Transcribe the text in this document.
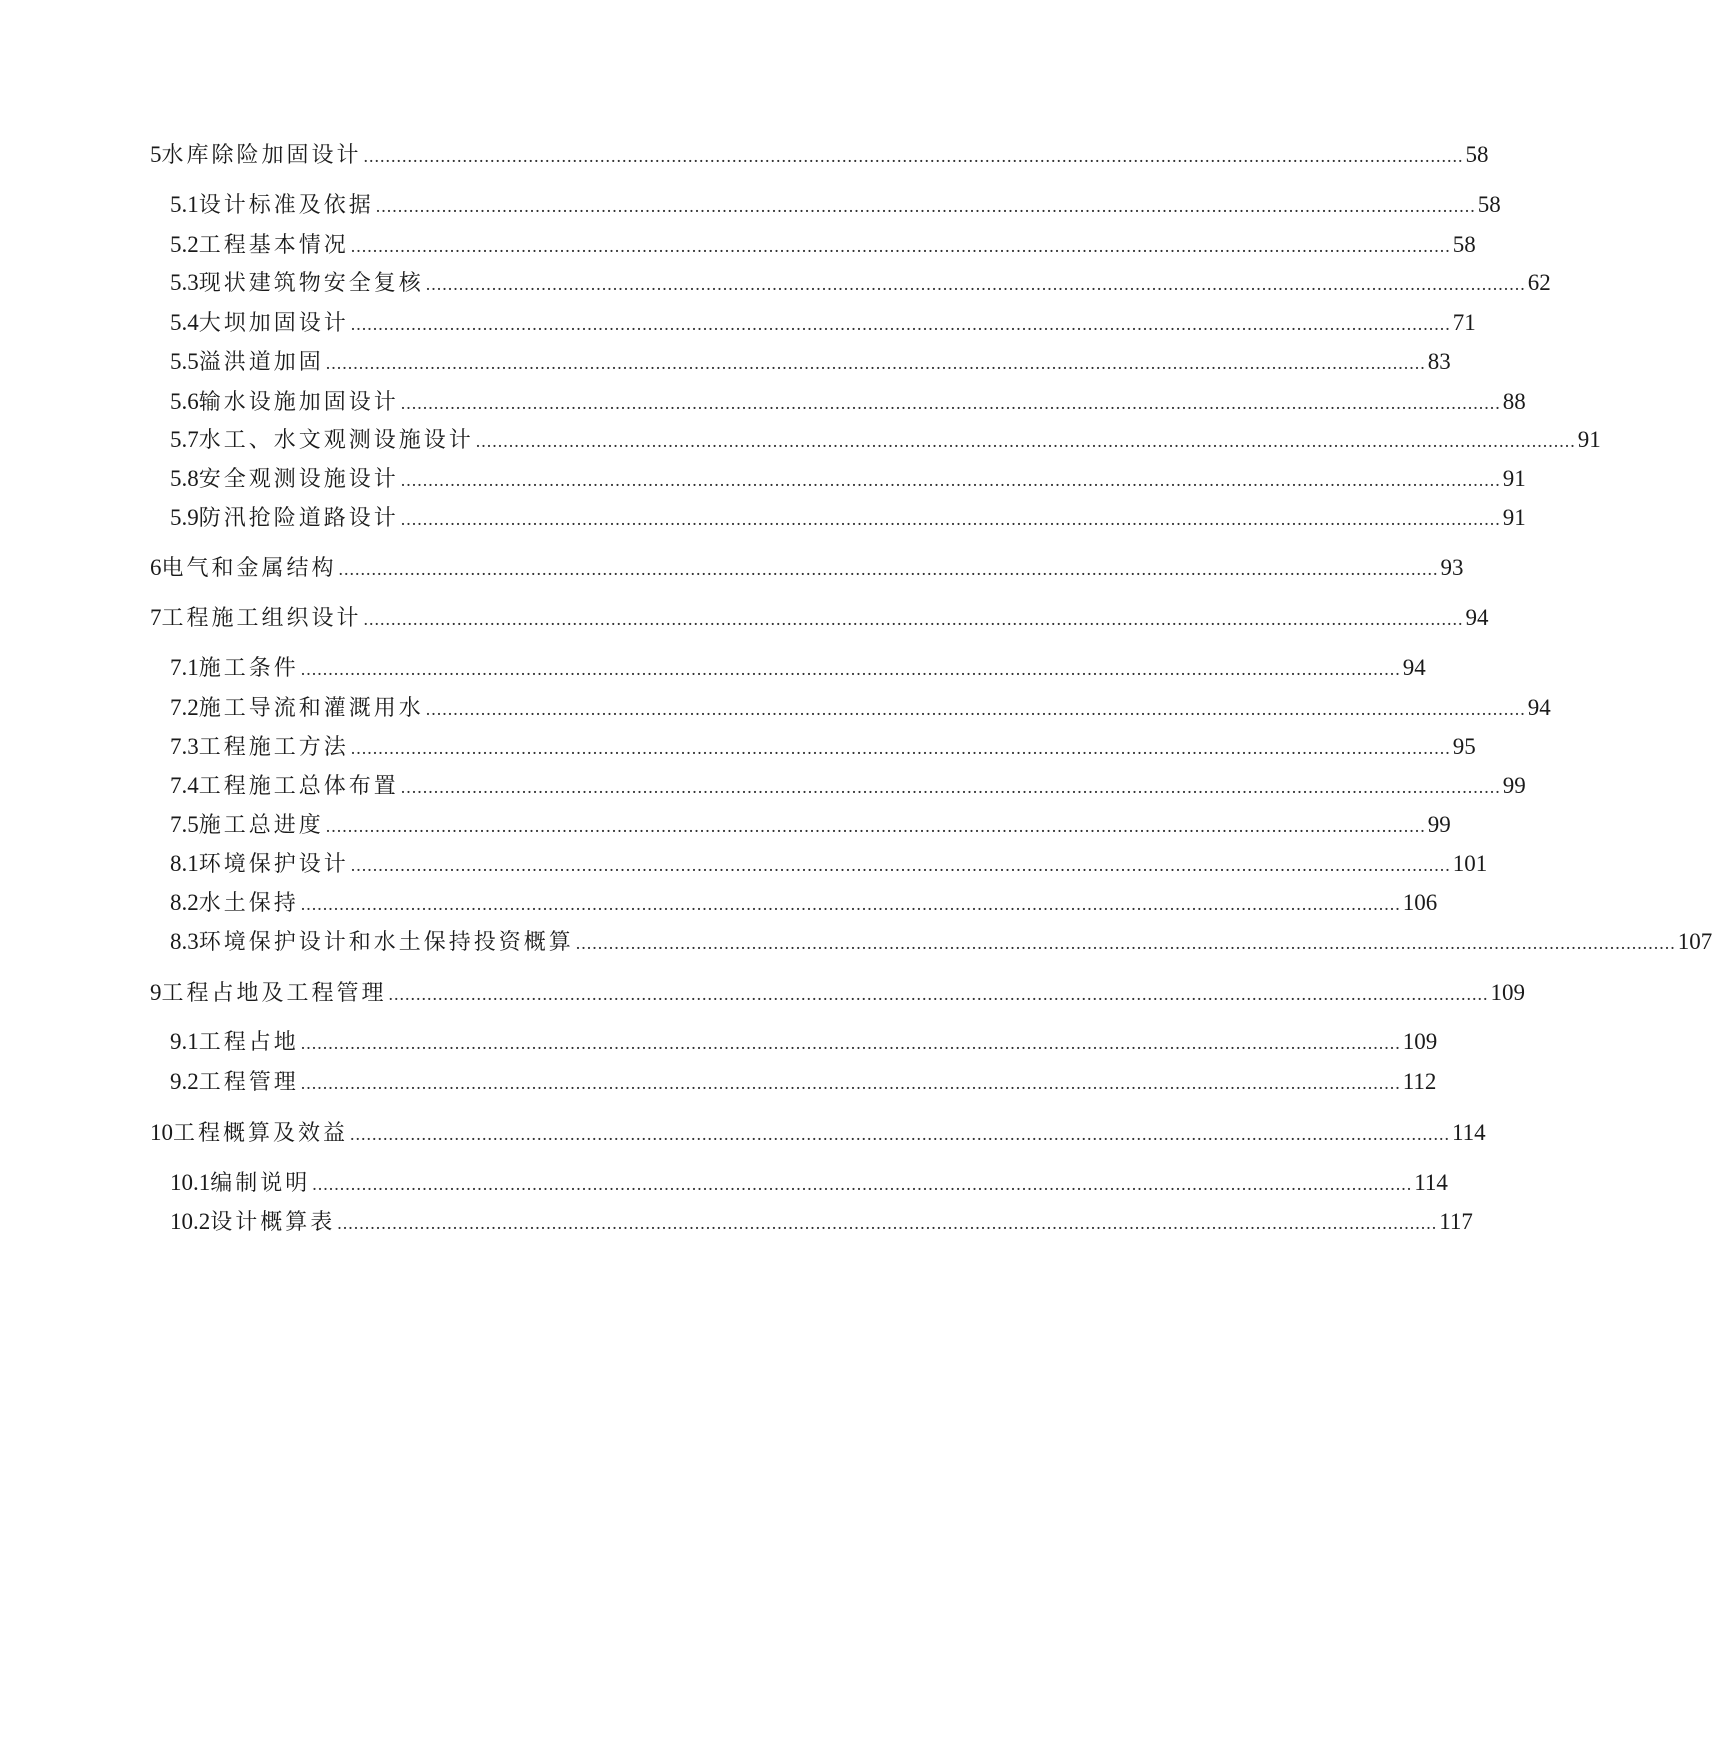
5 水库除险加固设计 ........................................................................................................................................................................................................ 58
5.1 设计标准及依据 ........................................................................................................................................................................................................ 58
5.2 工程基本情况 ........................................................................................................................................................................................................ 58
5.3 现状建筑物安全复核 ........................................................................................................................................................................................................ 62
5.4 大坝加固设计 ........................................................................................................................................................................................................ 71
5.5 溢洪道加固 ........................................................................................................................................................................................................ 83
5.6 输水设施加固设计 ........................................................................................................................................................................................................ 88
5.7 水工、水文观测设施设计 ........................................................................................................................................................................................................ 91
5.8 安全观测设施设计 ........................................................................................................................................................................................................ 91
5.9 防汛抢险道路设计 ........................................................................................................................................................................................................ 91
6 电气和金属结构 ........................................................................................................................................................................................................ 93
7 工程施工组织设计 ........................................................................................................................................................................................................ 94
7.1 施工条件 ........................................................................................................................................................................................................ 94
7.2 施工导流和灌溉用水 ........................................................................................................................................................................................................ 94
7.3 工程施工方法 ........................................................................................................................................................................................................ 95
7.4 工程施工总体布置 ........................................................................................................................................................................................................ 99
7.5 施工总进度 ........................................................................................................................................................................................................ 99
8.1 环境保护设计 ........................................................................................................................................................................................................ 101
8.2 水土保持 ........................................................................................................................................................................................................ 106
8.3 环境保护设计和水土保持投资概算 ........................................................................................................................................................................................................ 107
9 工程占地及工程管理 ........................................................................................................................................................................................................ 109
9.1 工程占地 ........................................................................................................................................................................................................ 109
9.2 工程管理 ........................................................................................................................................................................................................ 112
10 工程概算及效益 ........................................................................................................................................................................................................ 114
10.1 编制说明 ........................................................................................................................................................................................................ 114
10.2 设计概算表 ........................................................................................................................................................................................................ 117
